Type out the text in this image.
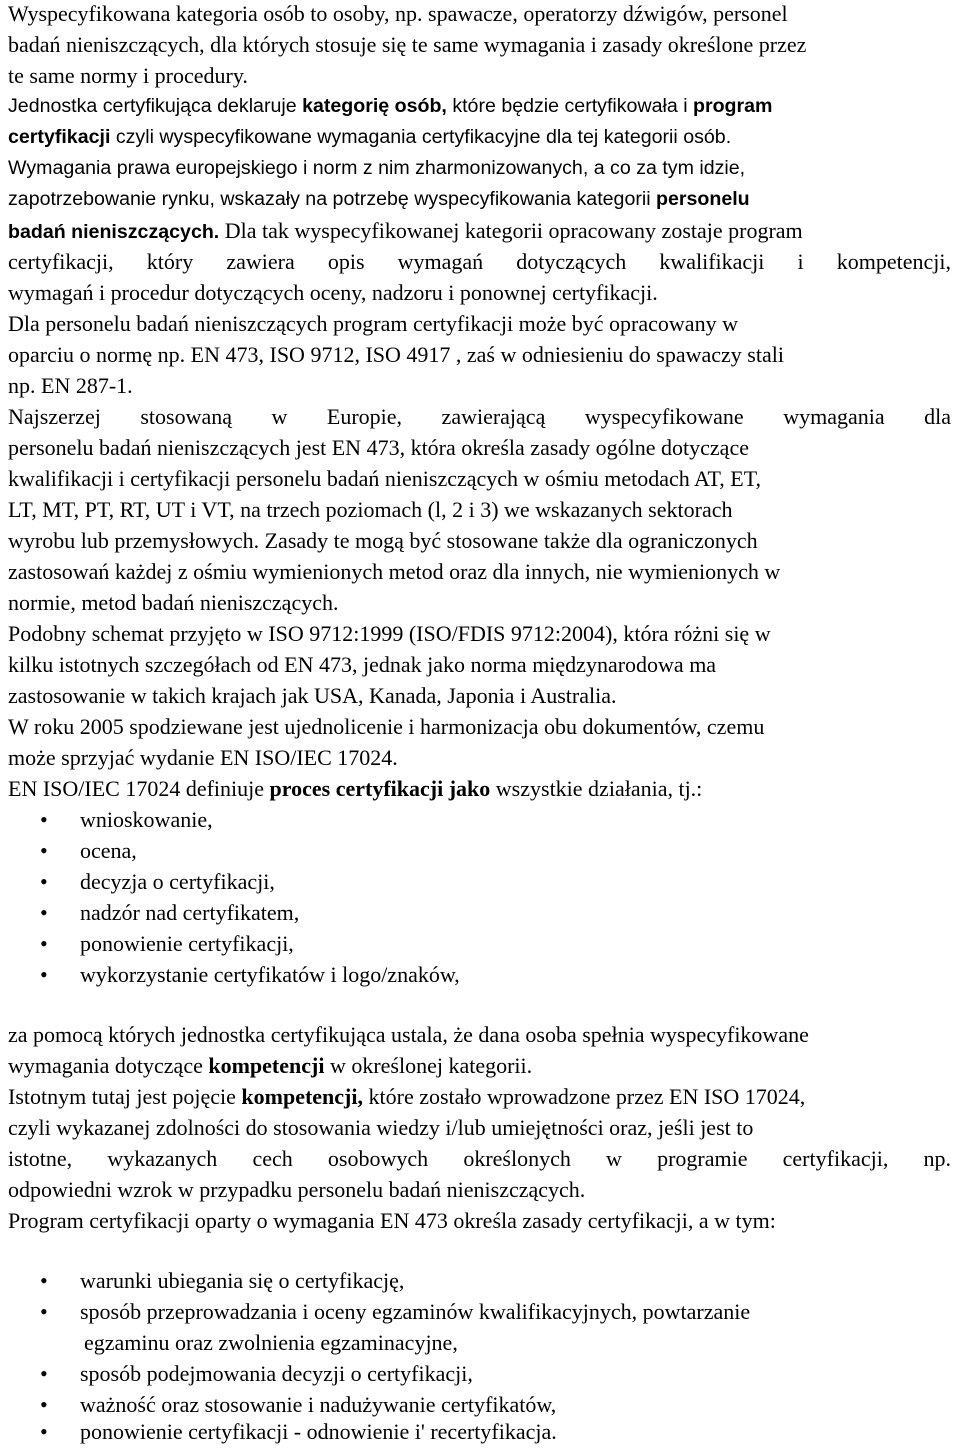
Wyspecyfikowana kategoria osób to osoby, np. spawacze, operatorzy dźwigów, personel
badań nieniszczących, dla których stosuje się te same wymagania i zasady określone przez
te same normy i procedury.
Jednostka certyfikująca deklaruje kategorię osób, które będzie certyfikowała i program
certyfikacji czyli wyspecyfikowane wymagania certyfikacyjne dla tej kategorii osób.
Wymagania prawa europejskiego i norm z nim zharmonizowanych, a co za tym idzie,
zapotrzebowanie rynku, wskazały na potrzebę wyspecyfikowania kategorii personelu
badań nieniszczących. Dla tak wyspecyfikowanej kategorii opracowany zostaje program
certyfikacji, który zawiera opis wymagań dotyczących kwalifikacji i kompetencji,
wymagań i procedur dotyczących oceny, nadzoru i ponownej certyfikacji.
Dla personelu badań nieniszczących program certyfikacji może być opracowany w
oparciu o normę np. EN 473, ISO 9712, ISO 4917 , zaś w odniesieniu do spawaczy stali
np. EN 287-1.
Najszerzej stosowaną w Europie, zawierającą wyspecyfikowane wymagania dla
personelu badań nieniszczących jest EN 473, która określa zasady ogólne dotyczące
kwalifikacji i certyfikacji personelu badań nieniszczących w ośmiu metodach AT, ET,
LT, MT, PT, RT, UT i VT, na trzech poziomach (l, 2 i 3) we wskazanych sektorach
wyrobu lub przemysłowych. Zasady te mogą być stosowane także dla ograniczonych
zastosowań każdej z ośmiu wymienionych metod oraz dla innych, nie wymienionych w
normie, metod badań nieniszczących.
Podobny schemat przyjęto w ISO 9712:1999 (ISO/FDIS 9712:2004), która różni się w
kilku istotnych szczegółach od EN 473, jednak jako norma międzynarodowa ma
zastosowanie w takich krajach jak USA, Kanada, Japonia i Australia.
W roku 2005 spodziewane jest ujednolicenie i harmonizacja obu dokumentów, czemu
może sprzyjać wydanie EN ISO/IEC 17024.
EN ISO/IEC 17024 definiuje proces certyfikacji jako wszystkie działania, tj.:
• wnioskowanie,
• ocena,
• decyzja o certyfikacji,
• nadzór nad certyfikatem,
• ponowienie certyfikacji,
• wykorzystanie certyfikatów i logo/znaków,
za pomocą których jednostka certyfikująca ustala, że dana osoba spełnia wyspecyfikowane
wymagania dotyczące kompetencji w określonej kategorii.
Istotnym tutaj jest pojęcie kompetencji, które zostało wprowadzone przez EN ISO 17024,
czyli wykazanej zdolności do stosowania wiedzy i/lub umiejętności oraz, jeśli jest to
istotne, wykazanych cech osobowych określonych w programie certyfikacji, np.
odpowiedni wzrok w przypadku personelu badań nieniszczących.
Program certyfikacji oparty o wymagania EN 473 określa zasady certyfikacji, a w tym:
• warunki ubiegania się o certyfikację,
• sposób przeprowadzania i oceny egzaminów kwalifikacyjnych, powtarzanie
egzaminu oraz zwolnienia egzaminacyjne,
• sposób podejmowania decyzji o certyfikacji,
• ważność oraz stosowanie i nadużywanie certyfikatów,
• ponowienie certyfikacji - odnowienie i' recertyfikacja.
